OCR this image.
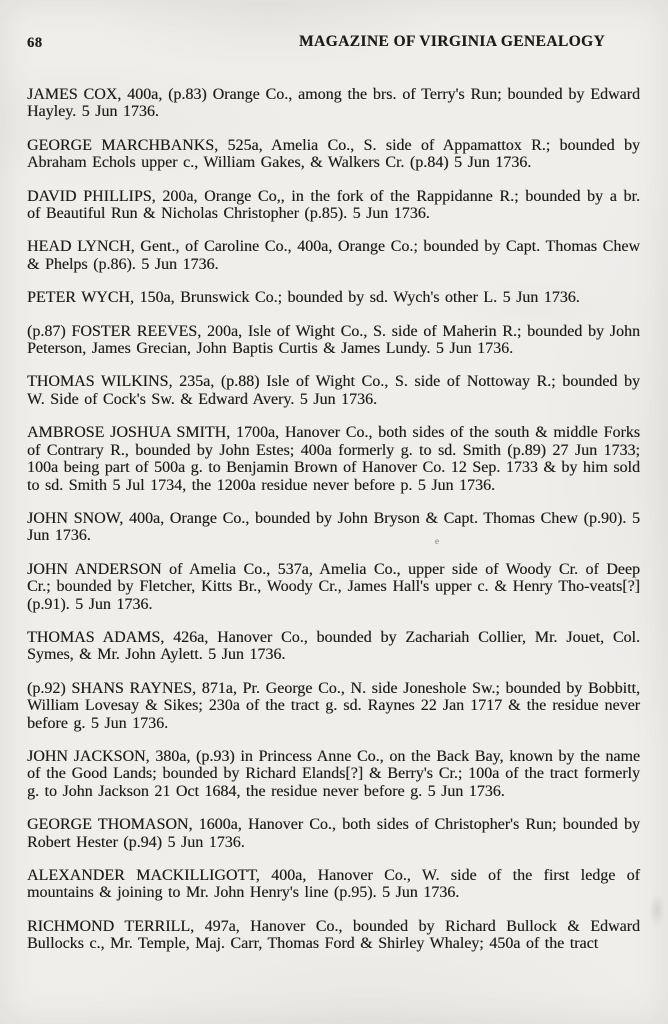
68	MAGAZINE OF VIRGINIA GENEALOGY

JAMES COX, 400a, (p.83) Orange Co., among the brs. of Terry's Run; bounded by Edward Hayley. 5 Jun 1736.

GEORGE MARCHBANKS, 525a, Amelia Co., S. side of Appamattox R.; bounded by Abraham Echols upper c., William Gakes, & Walkers Cr. (p.84) 5 Jun 1736.

DAVID PHILLIPS, 200a, Orange Co,, in the fork of the Rappidanne R.; bounded by a br. of Beautiful Run & Nicholas Christopher (p.85). 5 Jun 1736.

HEAD LYNCH, Gent., of Caroline Co., 400a, Orange Co.; bounded by Capt. Thomas Chew & Phelps (p.86). 5 Jun 1736.

PETER WYCH, 150a, Brunswick Co.; bounded by sd. Wych's other L. 5 Jun 1736.

(p.87) FOSTER REEVES, 200a, Isle of Wight Co., S. side of Maherin R.; bounded by John Peterson, James Grecian, John Baptis Curtis & James Lundy. 5 Jun 1736.

THOMAS WILKINS, 235a, (p.88) Isle of Wight Co., S. side of Nottoway R.; bounded by W. Side of Cock's Sw. & Edward Avery. 5 Jun 1736.

AMBROSE JOSHUA SMITH, 1700a, Hanover Co., both sides of the south & middle Forks of Contrary R., bounded by John Estes; 400a formerly g. to sd. Smith (p.89) 27 Jun 1733; 100a being part of 500a g. to Benjamin Brown of Hanover Co. 12 Sep. 1733 & by him sold to sd. Smith 5 Jul 1734, the 1200a residue never before p. 5 Jun 1736.

JOHN SNOW, 400a, Orange Co., bounded by John Bryson & Capt. Thomas Chew (p.90). 5 Jun 1736.

JOHN ANDERSON of Amelia Co., 537a, Amelia Co., upper side of Woody Cr. of Deep Cr.; bounded by Fletcher, Kitts Br., Woody Cr., James Hall's upper c. & Henry Tho-veats[?] (p.91). 5 Jun 1736.

THOMAS ADAMS, 426a, Hanover Co., bounded by Zachariah Collier, Mr. Jouet, Col. Symes, & Mr. John Aylett. 5 Jun 1736.

(p.92) SHANS RAYNES, 871a, Pr. George Co., N. side Joneshole Sw.; bounded by Bobbitt, William Lovesay & Sikes; 230a of the tract g. sd. Raynes 22 Jan 1717 & the residue never before g. 5 Jun 1736.

JOHN JACKSON, 380a, (p.93) in Princess Anne Co., on the Back Bay, known by the name of the Good Lands; bounded by Richard Elands[?] & Berry's Cr.; 100a of the tract formerly g. to John Jackson 21 Oct 1684, the residue never before g. 5 Jun 1736.

GEORGE THOMASON, 1600a, Hanover Co., both sides of Christopher's Run; bounded by Robert Hester (p.94) 5 Jun 1736.

ALEXANDER MACKILLIGOTT, 400a, Hanover Co., W. side of the first ledge of mountains & joining to Mr. John Henry's line (p.95). 5 Jun 1736.

RICHMOND TERRILL, 497a, Hanover Co., bounded by Richard Bullock & Edward Bullocks c., Mr. Temple, Maj. Carr, Thomas Ford & Shirley Whaley; 450a of the tract

e
